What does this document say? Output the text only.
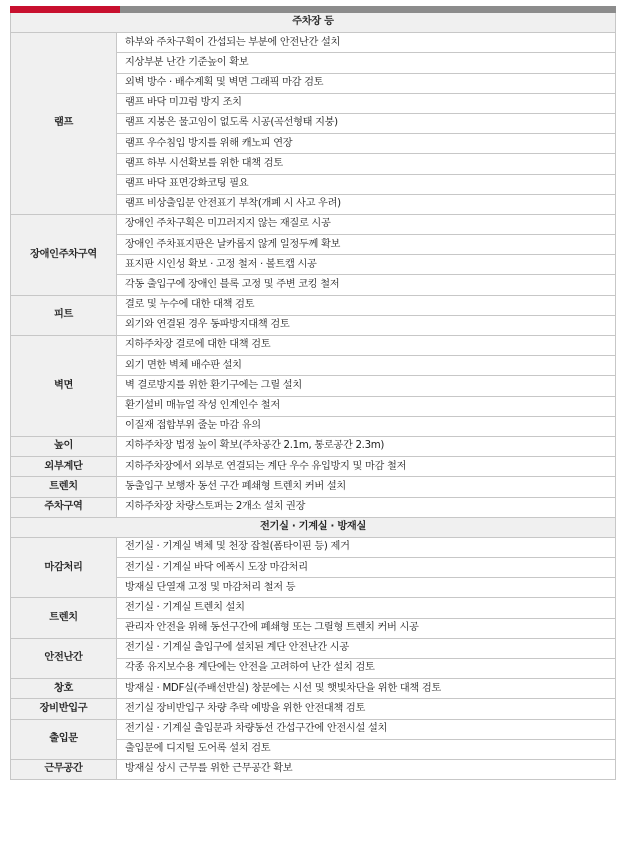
주차장 등	
램프	하부와 주차구획이 간섭되는 부분에 안전난간 설치
	지상부분 난간 기준높이 확보
	외벽 방수 · 배수계획 및 벽면 그래픽 마감 검토
	램프 바닥 미끄럼 방지 조치
	램프 지붕은 물고임이 없도록 시공(곡선형태 지붕)
	램프 우수침입 방지를 위해 캐노피 연장
	램프 하부 시선확보를 위한 대책 검토
	램프 바닥 표면강화코팅 필요
	램프 비상출입문 안전표기 부착(개폐 시 사고 우려)
장애인주차구역	장애인 주차구획은 미끄러지지 않는 재질로 시공
	장애인 주차표지판은 날카롭지 않게 일정두께 확보
	표지판 시인성 확보 · 고정 철저 · 볼트캡 시공
	각동 출입구에 장애인 블록 고정 및 주변 코킹 철저
피트	결로 및 누수에 대한 대책 검토
	외기와 연결된 경우 동파방지대책 검토
벽면	지하주차장 결로에 대한 대책 검토
	외기 면한 벽체 배수판 설치
	벽 결로방지를 위한 환기구에는 그릴 설치
	환기설비 매뉴얼 작성 인계인수 철저
	이질재 접합부위 줄눈 마감 유의
높이	지하주차장 법정 높이 확보(주차공간 2.1m, 통로공간 2.3m)
외부계단	지하주차장에서 외부로 연결되는 계단 우수 유입방지 및 마감 철저
트렌치	동출입구 보행자 동선 구간 폐쇄형 트렌치 커버 설치
주차구역	지하주차장 차량스토퍼는 2개소 설치 권장
전기실 · 기계실 · 방재실	
마감처리	전기실 · 기계실 벽체 및 천장 잡철(폼타이핀 등) 제거
	전기실 · 기계실 바닥 에폭시 도장 마감처리
	방재실 단열재 고정 및 마감처리 철저 등
트렌치	전기실 · 기계실 트렌치 설치
	관리자 안전을 위해 동선구간에 폐쇄형 또는 그릴형 트렌치 커버 시공
안전난간	전기실 · 기계실 출입구에 설치된 계단 안전난간 시공
	각종 유지보수용 계단에는 안전을 고려하여 난간 설치 검토
창호	방재실 · MDF실(주배선반실) 창문에는 시선 및 햇빛차단을 위한 대책 검토
장비반입구	전기실 장비반입구 차량 추락 예방을 위한 안전대책 검토
출입문	전기실 · 기계실 출입문과 차량동선 간섭구간에 안전시설 설치
	출입문에 디지털 도어록 설치 검토
근무공간	방재실 상시 근무를 위한 근무공간 확보
